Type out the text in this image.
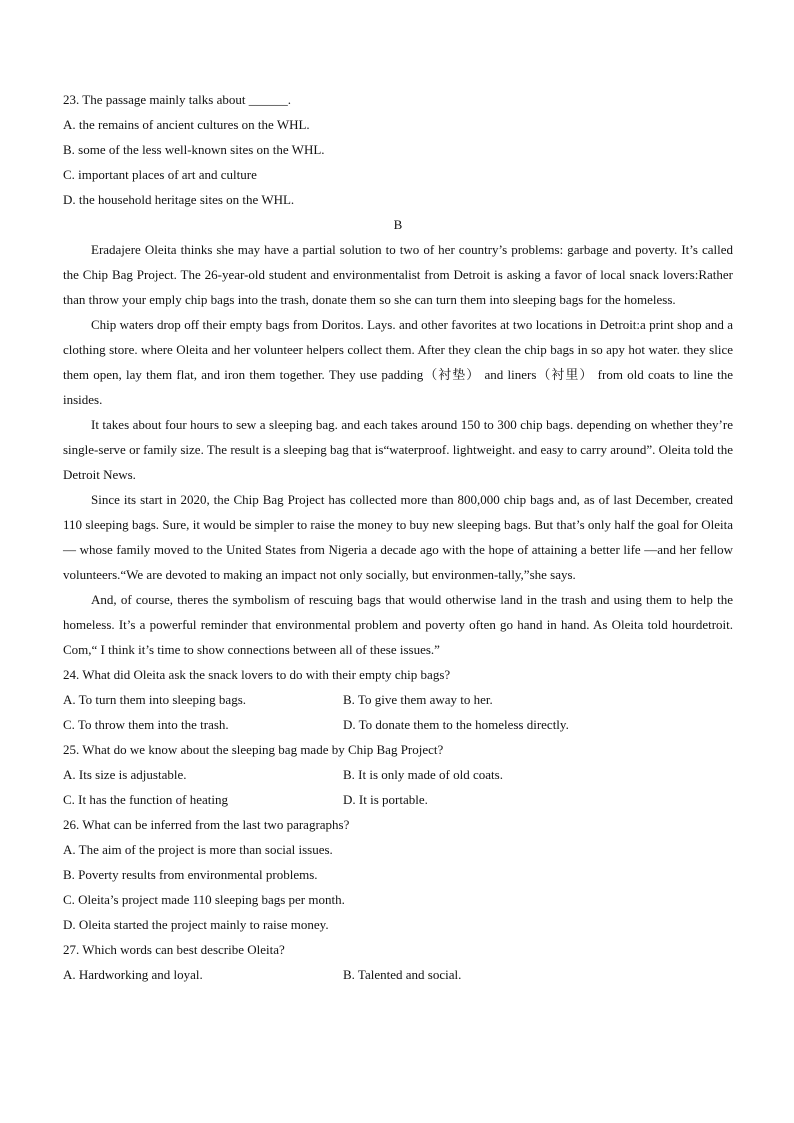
23. The passage mainly talks about ______.
A. the remains of ancient cultures on the WHL.
B. some of the less well-known sites on the WHL.
C. important places of art and culture
D. the household heritage sites on the WHL.
B
Eradajere Oleita thinks she may have a partial solution to two of her country’s problems: garbage and poverty. It’s called the Chip Bag Project. The 26-year-old student and environmentalist from Detroit is asking a favor of local snack lovers:Rather than throw your emply chip bags into the trash, donate them so she can turn them into sleeping bags for the homeless.
Chip waters drop off their empty bags from Doritos. Lays. and other favorites at two locations in Detroit:a print shop and a clothing store. where Oleita and her volunteer helpers collect them. After they clean the chip bags in so apy hot water. they slice them open, lay them flat, and iron them together. They use padding（衬垫） and liners（衬里） from old coats to line the insides.
It takes about four hours to sew a sleeping bag. and each takes around 150 to 300 chip bags. depending on whether they’re single-serve or family size. The result is a sleeping bag that is“waterproof. lightweight. and easy to carry around”. Oleita told the Detroit News.
Since its start in 2020, the Chip Bag Project has collected more than 800,000 chip bags and, as of last December, created 110 sleeping bags. Sure, it would be simpler to raise the money to buy new sleeping bags. But that’s only half the goal for Oleita — whose family moved to the United States from Nigeria a decade ago with the hope of attaining a better life —and her fellow volunteers.“We are devoted to making an impact not only socially, but environmen-tally,”she says.
And, of course, theres the symbolism of rescuing bags that would otherwise land in the trash and using them to help the homeless. It’s a powerful reminder that environmental problem and poverty often go hand in hand. As Oleita told hourdetroit. Com,“ I think it’s time to show connections between all of these issues.”
24. What did Oleita ask the snack lovers to do with their empty chip bags?
A. To turn them into sleeping bags.	B. To give them away to her.
C. To throw them into the trash.	D. To donate them to the homeless directly.
25. What do we know about the sleeping bag made by Chip Bag Project?
A. Its size is adjustable.	B. It is only made of old coats.
C. It has the function of heating	D. It is portable.
26. What can be inferred from the last two paragraphs?
A. The aim of the project is more than social issues.
B. Poverty results from environmental problems.
C. Oleita’s project made 110 sleeping bags per month.
D. Oleita started the project mainly to raise money.
27. Which words can best describe Oleita?
A. Hardworking and loyal.	B. Talented and social.
